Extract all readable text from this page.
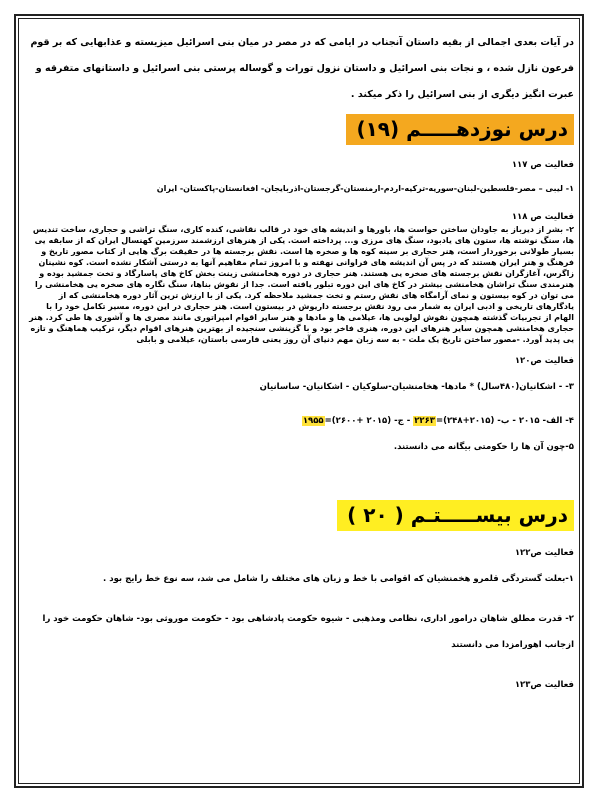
در آیات بعدی اجمالی از بقیه داستان آنجناب در ایامی که در مصر در میان بنی اسرائیل میزیسته و عذابهایی که بر قوم فرعون نازل شده ، و نجات بنی اسرائیل و داستان نزول تورات و گوساله پرستی بنی اسرائیل و داستانهای متفرقه و عبرت انگیز دیگری از بنی اسرائیل را ذکر میکند .

درس نوزدهـــــم (۱۹)
فعالیت ص ۱۱۷
۱- لیبی – مصر-فلسطین-لبنان-سوریه-ترکیه-اردم-ارمنستان-گرجستان-اذربایجان- افغانستان-پاکستان- ایران
فعالیت ص ۱۱۸

۲- بشر از دیرباز به جاودان ساختن حواست ها، باورها و اندیشه های خود در قالب نقاشی، کنده کاری، سنگ تراشی و حجاری، ساخت تندیس ها، سنگ نوشته ها، ستون های یادبود، سنگ های مرزی و... پرداخته است. یکی از هنرهای ارزشمند سرزمین کهنسال ایران که از سابقه یی بسیار طولانی برخوردار است، هنر حجاری بر سینه کوه ها و صخره ها است. نقش برجسته ها در حقیقت برگ هایی از کتاب مصور تاریخ و فرهنگ و هنر ایران هستند که در پس آن اندیشه های فراوانی نهفته و با امروز تمام مفاهیم آنها به درستی آشکار نشده است. کوه نشینان زاگرس، آغازگران نقش برجسته های صخره یی هستند. هنر حجاری در دوره هخامنشی زینت بخش کاخ های پاسارگاد و تخت جمشید بوده و هنرمندی سنگ تراشان هخامنشی بیشتر در کاخ های این دوره تبلور یافته است. جدا از نقوش بناها، سنگ نگاره های صخره یی هخامنشی را می توان در کوه بیستون و نمای آرامگاه های نقش رستم و تخت جمشید ملاحظه کرد. یکی از با ارزش ترین آثار دوره هخامنشی که از یادگارهای تاریخی و ادبی ایران به شمار می رود نقش برجسته داریوش در بیستون است. هنر حجاری در این دوره، مسیر تکامل خود را با الهام از تجربیات گذشته همچون نقوش لولویی ها، عیلامی ها و مادها و هنر سایر اقوام امپراتوری مانند مصری ها و آشوری ها طی کرد. هنر حجاری هخامنشی همچون سایر هنرهای این دوره، هنری فاخر بود و با گزینشی سنجیده از بهترین هنرهای اقوام دیگر، ترکیب هماهنگ و تازه یی پدید آورد. -مصور ساختن تاریخ یک ملت - به سه زبان مهم دنیای آن روز یعنی فارسی باستان، عیلامی و بابلی

فعالیت ص۱۲۰
۳- - اشکانیان(۴۸۰سال) * مادها- هخامنشیان-سلوکیان - اشکانیان- ساسانیان
۴- الف- ۲۰۱۵ - ب- (۲۰۱۵+۲۴۸)=۲۲۶۳ - ج- (۲۰۱۵ +۲۶۰۰)=۱۹۵۵
۵-چون آن ها را حکومتی بیگانه می دانستند.
درس بیســـــتـم ( ۲۰ )
فعالیت ص۱۲۲
۱-بعلت گستردگی قلمرو هخمنشیان که اقوامی با خط و زبان های مختلف را شامل می شد، سه نوع خط رایج بود .
۲- قدرت مطلق شاهان درامور اداری، نظامی ومذهبی - شیوه حکومت پادشاهی بود - حکومت موروثی بود- شاهان حکومت خود را
ازجانب اهورامزدا می دانستند
فعالیت ص۱۲۳
